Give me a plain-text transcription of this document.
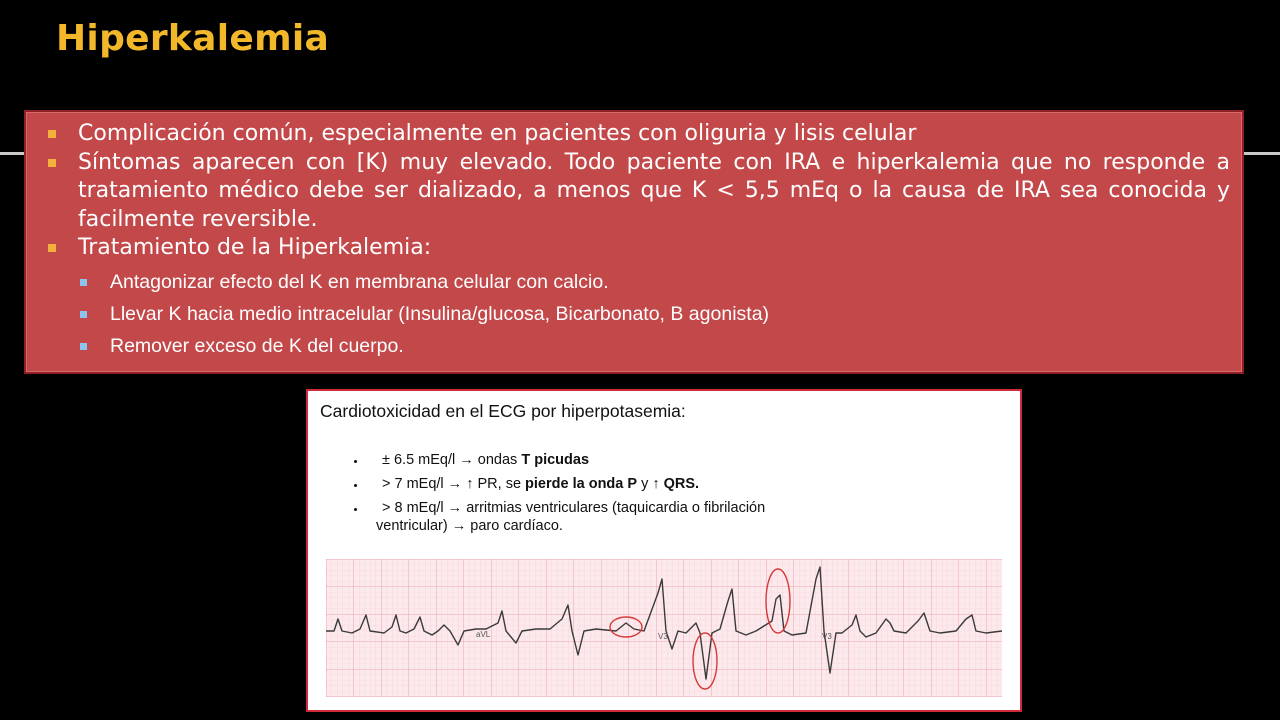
Hiperkalemia
Complicación común, especialmente en pacientes con oliguria y lisis celular
Síntomas aparecen con [K) muy elevado. Todo paciente con IRA e hiperkalemia que no responde a tratamiento médico debe ser dializado, a menos que K < 5,5 mEq o la causa de IRA sea conocida y facilmente reversible.
Tratamiento de la Hiperkalemia:
Antagonizar efecto del K en membrana celular con calcio.
Llevar K hacia medio intracelular (Insulina/glucosa, Bicarbonato, B agonista)
Remover exceso de K del cuerpo.
Cardiotoxicidad en el ECG por hiperpotasemia:
± 6.5 mEq/l → ondas T picudas
> 7 mEq/l → ↑ PR, se pierde la onda P y ↑ QRS.
> 8 mEq/l → arritmias ventriculares (taquicardia o fibrilación
ventricular) → paro cardíaco.
aVL	V3	V3
